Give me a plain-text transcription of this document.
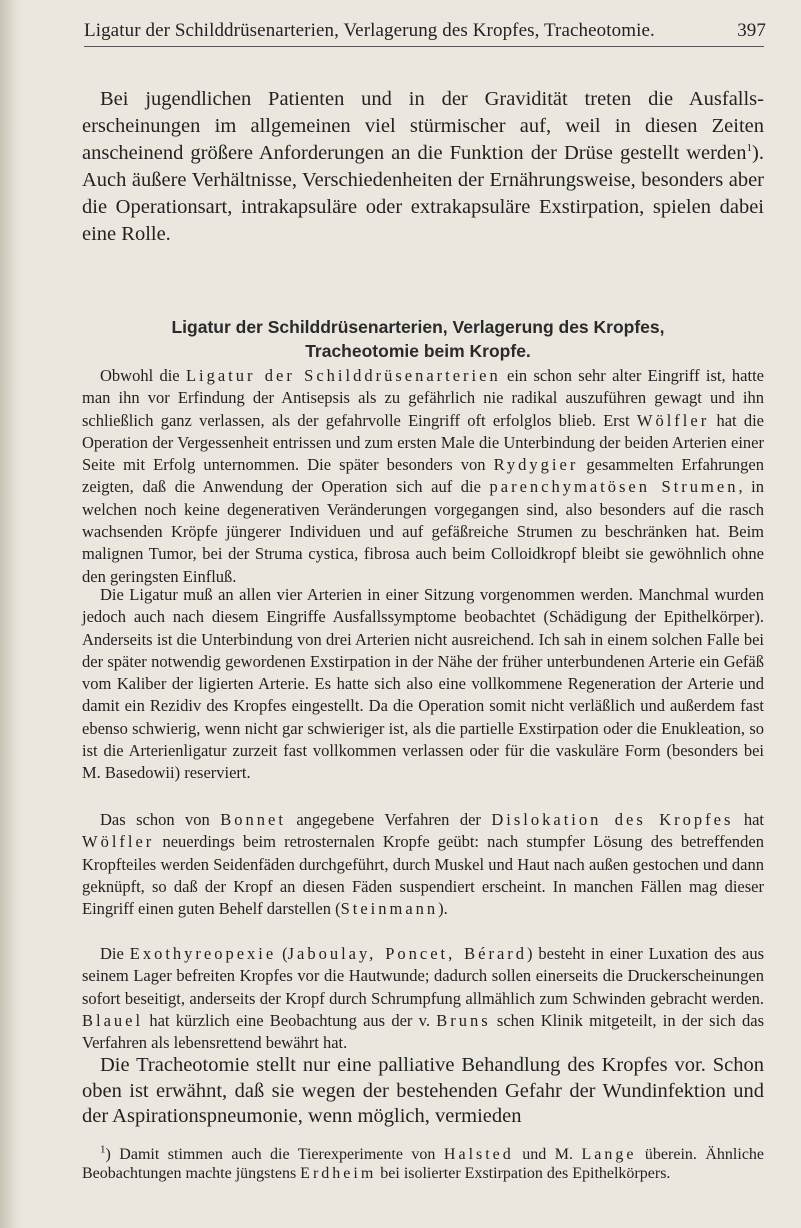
Ligatur der Schilddrüsenarterien, Verlagerung des Kropfes, Tracheotomie.	397

Bei jugendlichen Patienten und in der Gravidität treten die Ausfallserscheinungen im allgemeinen viel stürmischer auf, weil in diesen Zeiten anscheinend größere Anforderungen an die Funktion der Drüse gestellt werden$^1$). Auch äußere Verhältnisse, Verschiedenheiten der Ernährungsweise, besonders aber die Operationsart, intrakapsuläre oder extrakapsuläre Exstirpation, spielen dabei eine Rolle.

Ligatur der Schilddrüsenarterien, Verlagerung des Kropfes,
Tracheotomie beim Kropfe.

Obwohl die Ligatur der Schilddrüsenarterien ein schon sehr alter Eingriff ist, hatte man ihn vor Erfindung der Antisepsis als zu gefährlich nie radikal auszuführen gewagt und ihn schließlich ganz verlassen, als der gefahrvolle Eingriff oft erfolglos blieb. Erst Wölfler hat die Operation der Vergessenheit entrissen und zum ersten Male die Unterbindung der beiden Arterien einer Seite mit Erfolg unternommen. Die später besonders von Rydygier gesammelten Erfahrungen zeigten, daß die Anwendung der Operation sich auf die parenchymatösen Strumen, in welchen noch keine degenerativen Veränderungen vorgegangen sind, also besonders auf die rasch wachsenden Kröpfe jüngerer Individuen und auf gefäßreiche Strumen zu beschränken hat. Beim malignen Tumor, bei der Struma cystica, fibrosa auch beim Colloidkropf bleibt sie gewöhnlich ohne den geringsten Einfluß.

Die Ligatur muß an allen vier Arterien in einer Sitzung vorgenommen werden. Manchmal wurden jedoch auch nach diesem Eingriffe Ausfallssymptome beobachtet (Schädigung der Epithelkörper). Anderseits ist die Unterbindung von drei Arterien nicht ausreichend. Ich sah in einem solchen Falle bei der später notwendig gewordenen Exstirpation in der Nähe der früher unterbundenen Arterie ein Gefäß vom Kaliber der ligierten Arterie. Es hatte sich also eine vollkommene Regeneration der Arterie und damit ein Rezidiv des Kropfes eingestellt. Da die Operation somit nicht verläßlich und außerdem fast ebenso schwierig, wenn nicht gar schwieriger ist, als die partielle Exstirpation oder die Enukleation, so ist die Arterienligatur zurzeit fast vollkommen verlassen oder für die vaskuläre Form (besonders bei M. Basedowii) reserviert.

Das schon von Bonnet angegebene Verfahren der Dislokation des Kropfes hat Wölfler neuerdings beim retrosternalen Kropfe geübt: nach stumpfer Lösung des betreffenden Kropfteiles werden Seidenfäden durchgeführt, durch Muskel und Haut nach außen gestochen und dann geknüpft, so daß der Kropf an diesen Fäden suspendiert erscheint. In manchen Fällen mag dieser Eingriff einen guten Behelf darstellen (Steinmann).

Die Exothyreopexie (Jaboulay, Poncet, Bérard) besteht in einer Luxation des aus seinem Lager befreiten Kropfes vor die Hautwunde; dadurch sollen einerseits die Druckerscheinungen sofort beseitigt, anderseits der Kropf durch Schrumpfung allmählich zum Schwinden gebracht werden. Blauel hat kürzlich eine Beobachtung aus der v. Bruns schen Klinik mitgeteilt, in der sich das Verfahren als lebensrettend bewährt hat.

Die Tracheotomie stellt nur eine palliative Behandlung des Kropfes vor. Schon oben ist erwähnt, daß sie wegen der bestehenden Gefahr der Wundinfektion und der Aspirationspneumonie, wenn möglich, vermieden

$^1$) Damit stimmen auch die Tierexperimente von Halsted und M. Lange überein. Ähnliche Beobachtungen machte jüngstens Erdheim bei isolierter Exstirpation des Epithelkörpers.
